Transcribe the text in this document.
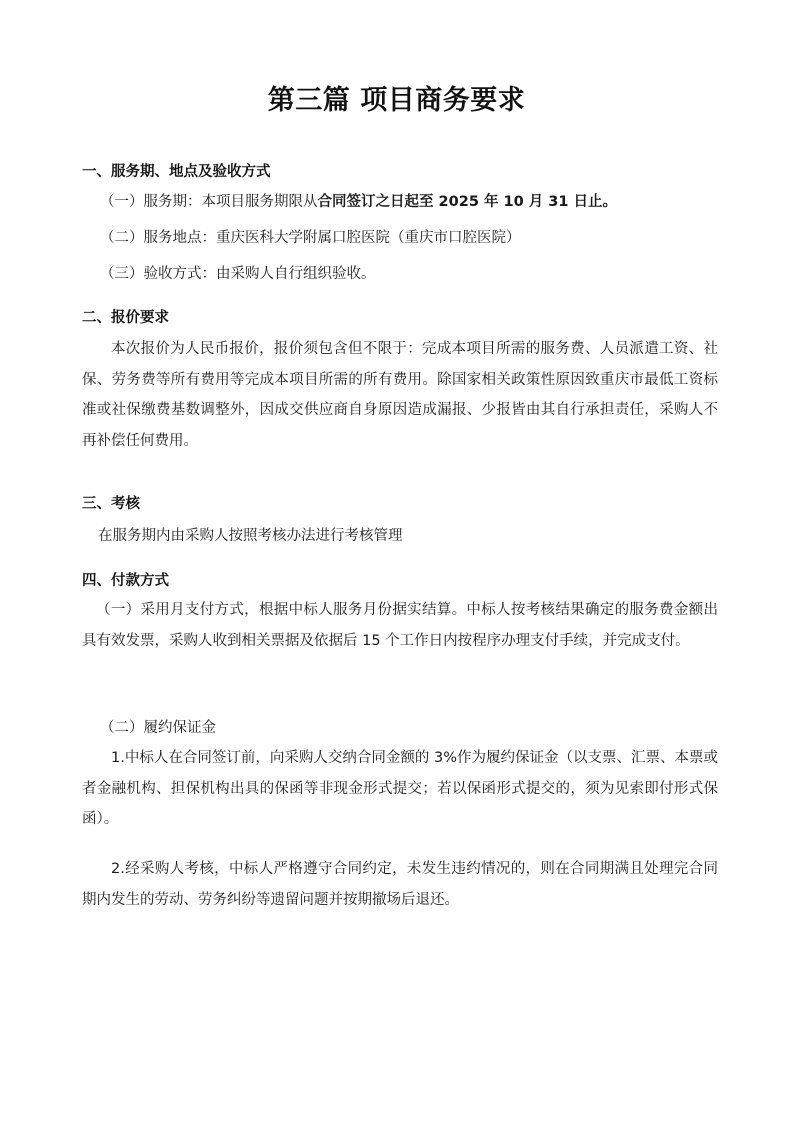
第三篇 项目商务要求
一、服务期、地点及验收方式
（一）服务期：本项目服务期限从合同签订之日起至 2025 年 10 月 31 日止。
（二）服务地点：重庆医科大学附属口腔医院（重庆市口腔医院）
（三）验收方式：由采购人自行组织验收。
二、报价要求
本次报价为人民币报价，报价须包含但不限于：完成本项目所需的服务费、人员派遣工资、社保、劳务费等所有费用等完成本项目所需的所有费用。除国家相关政策性原因致重庆市最低工资标准或社保缴费基数调整外，因成交供应商自身原因造成漏报、少报皆由其自行承担责任，采购人不再补偿任何费用。
三、考核
在服务期内由采购人按照考核办法进行考核管理
四、付款方式
（一）采用月支付方式，根据中标人服务月份据实结算。中标人按考核结果确定的服务费金额出具有效发票，采购人收到相关票据及依据后 15 个工作日内按程序办理支付手续，并完成支付。
（二）履约保证金
1.中标人在合同签订前，向采购人交纳合同金额的 3%作为履约保证金（以支票、汇票、本票或者金融机构、担保机构出具的保函等非现金形式提交；若以保函形式提交的，须为见索即付形式保函）。
2.经采购人考核，中标人严格遵守合同约定，未发生违约情况的，则在合同期满且处理完合同期内发生的劳动、劳务纠纷等遗留问题并按期撤场后退还。
